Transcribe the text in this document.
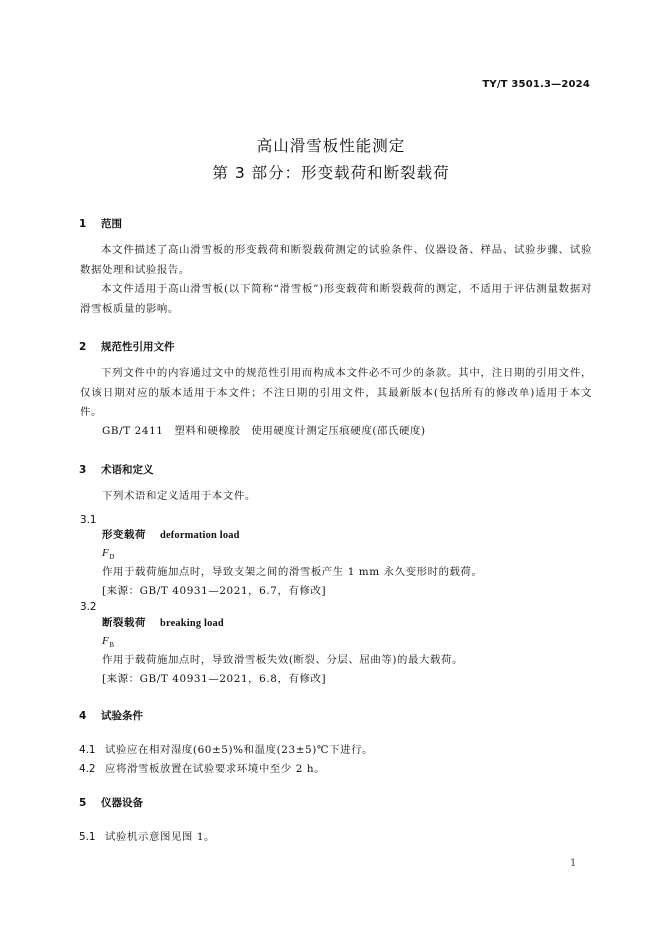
TY/T 3501.3—2024
高山滑雪板性能测定
第 3 部分：形变载荷和断裂载荷
1 范围
本文件描述了高山滑雪板的形变载荷和断裂载荷测定的试验条件、仪器设备、样品、试验步骤、试验数据处理和试验报告。
本文件适用于高山滑雪板(以下简称“滑雪板”)形变载荷和断裂载荷的测定，不适用于评估测量数据对滑雪板质量的影响。
2 规范性引用文件
下列文件中的内容通过文中的规范性引用而构成本文件必不可少的条款。其中，注日期的引用文件，仅该日期对应的版本适用于本文件；不注日期的引用文件，其最新版本(包括所有的修改单)适用于本文件。
GB/T 2411　塑料和硬橡胶　使用硬度计测定压痕硬度(邵氏硬度)
3 术语和定义
下列术语和定义适用于本文件。
3.1
形变载荷 deformation load
$F_D$
作用于载荷施加点时，导致支架之间的滑雪板产生 1 mm 永久变形时的载荷。
[来源：GB/T 40931—2021，6.7，有修改]
3.2
断裂载荷 breaking load
$F_B$
作用于载荷施加点时，导致滑雪板失效(断裂、分层、屈曲等)的最大载荷。
[来源：GB/T 40931—2021，6.8，有修改]
4 试验条件
4.1 试验应在相对湿度(60±5)%和温度(23±5)℃下进行。
4.2 应将滑雪板放置在试验要求环境中至少 2 h。
5 仪器设备
5.1 试验机示意图见图 1。
1
